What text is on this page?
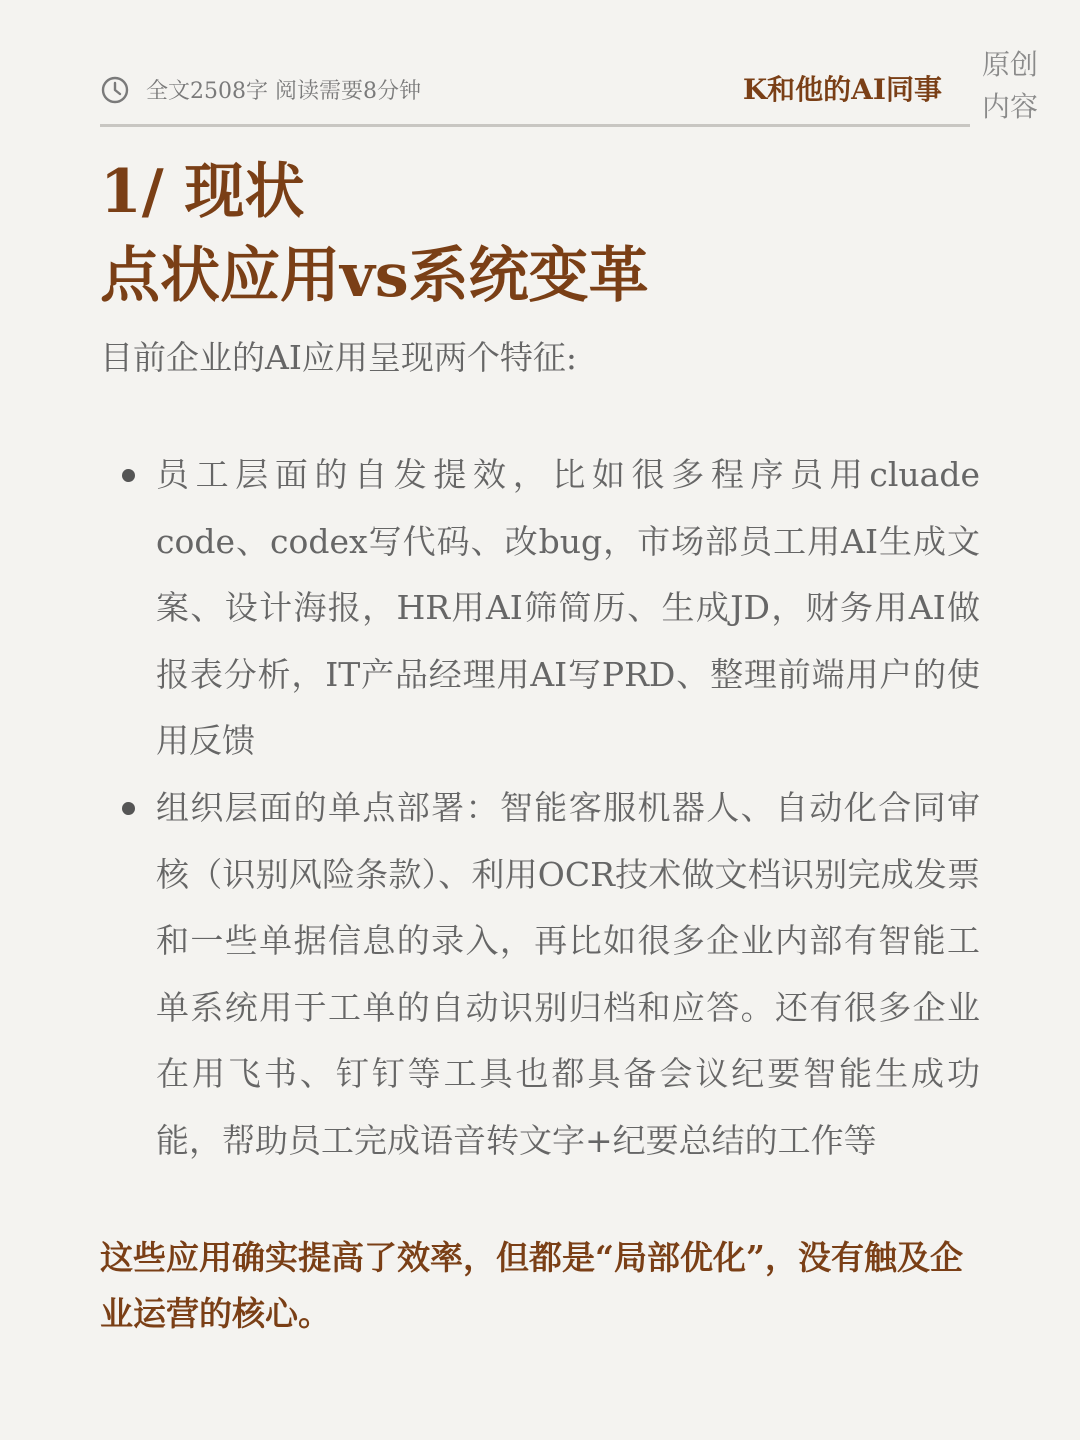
全文2508字 阅读需要8分钟	K和他的AI同事
原创
内容
1/ 现状
点状应用vs系统变革
目前企业的AI应用呈现两个特征:
员工层面的自发提效，比如很多程序员用cluade code、codex写代码、改bug，市场部员工用AI生成文案、设计海报，HR用AI筛简历、生成JD，财务用AI做报表分析，IT产品经理用AI写PRD、整理前端用户的使用反馈
组织层面的单点部署：智能客服机器人、自动化合同审核（识别风险条款）、利用OCR技术做文档识别完成发票和一些单据信息的录入，再比如很多企业内部有智能工单系统用于工单的自动识别归档和应答。还有很多企业在用飞书、钉钉等工具也都具备会议纪要智能生成功能，帮助员工完成语音转文字+纪要总结的工作等
这些应用确实提高了效率，但都是“局部优化”，没有触及企业运营的核心。
